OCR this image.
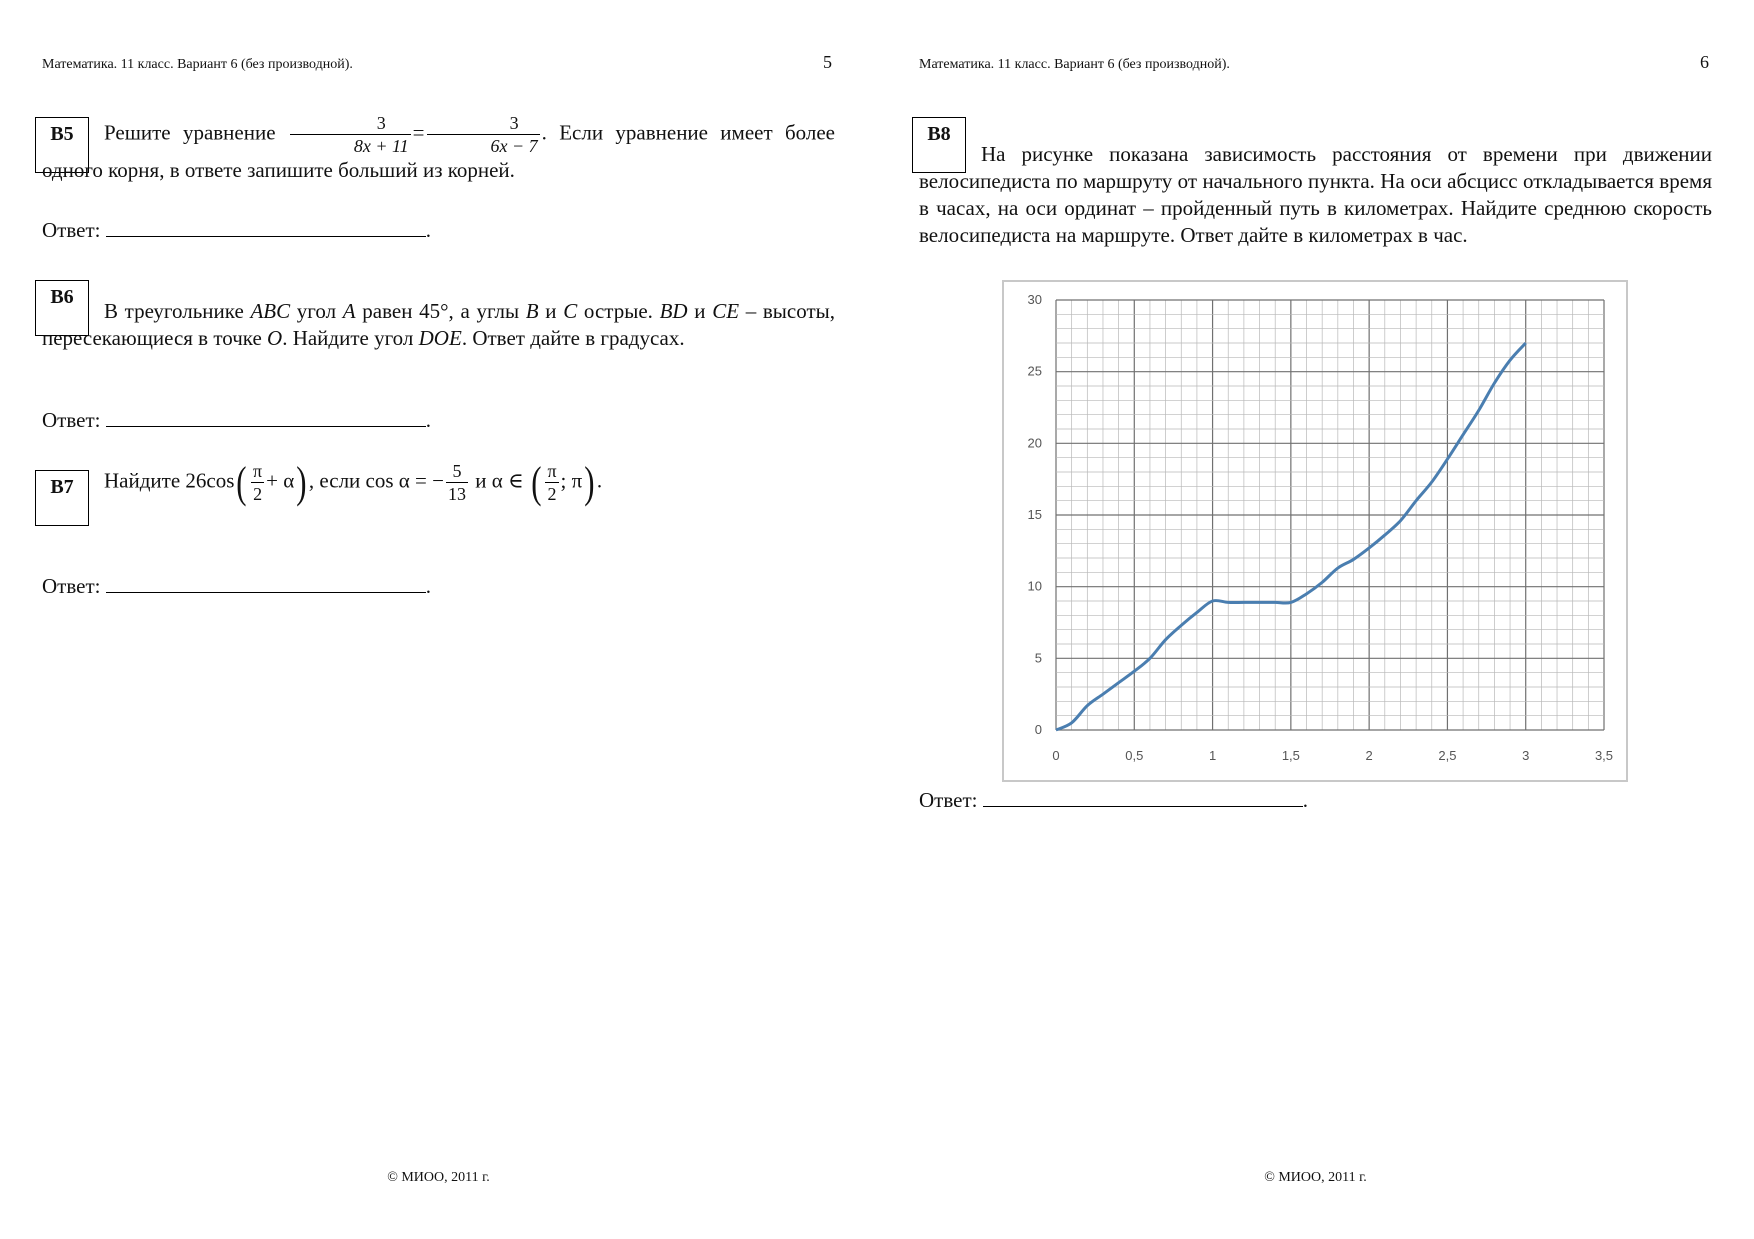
Математика. 11 класс. Вариант 6 (без производной).	5
B5	Решите уравнение $\frac{3}{8x + 11} = \frac{3}{6x - 7}$ . Если уравнение имеет более одного корня, в ответе запишите больший из корней.
Ответ:	.
B6
В треугольнике ABC угол A равен 45°, а углы B и C острые. BD и CE – высоты, пересекающиеся в точке O. Найдите угол DOE. Ответ дайте в градусах.
Ответ:	.
B7	Найдите $26\cos( \frac{\pi}{2} + \alpha)$ , если cos α = − $\frac{5}{13}$ и α ∈ ( $\frac{\pi}{2}$ ; π) .
Ответ:	.
© МИОО, 2011 г.
Математика. 11 класс. Вариант 6 (без производной).	6
B8
На рисунке показана зависимость расстояния от времени при движении велосипедиста по маршруту от начального пункта. На оси абсцисс откладывается время в часах, на оси ординат – пройденный путь в километрах. Найдите среднюю скорость велосипедиста на маршруте. Ответ дайте в километрах в час.
© МИОО, 2011 г.
0	0,5	1	1,5	2	2,5	3	3,5
0
5
10
15
20
25
30
Ответ:	.
